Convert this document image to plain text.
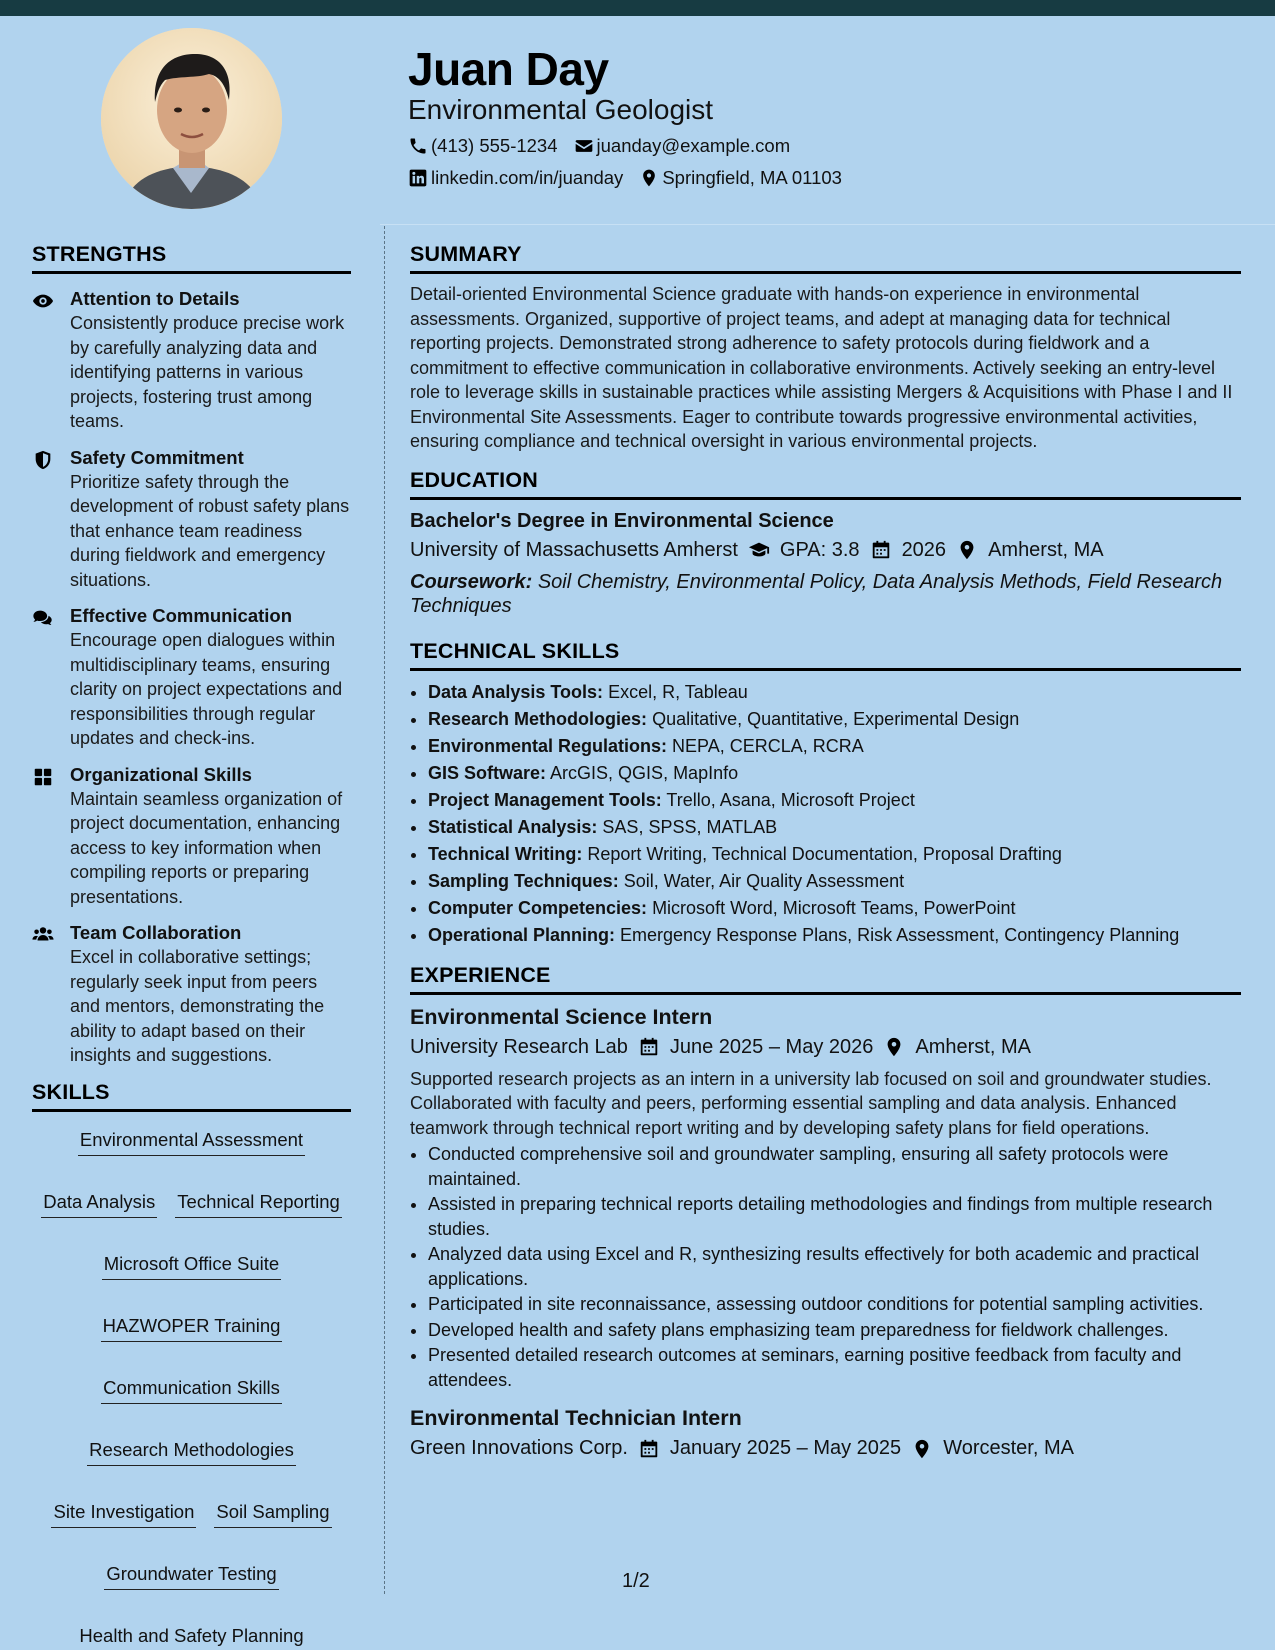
Juan Day
Environmental Geologist
(413) 555-1234 juanday@example.com
linkedin.com/in/juanday Springfield, MA 01103
STRENGTHS
Attention to Details
Consistently produce precise work by carefully analyzing data and identifying patterns in various projects, fostering trust among teams.
Safety Commitment
Prioritize safety through the development of robust safety plans that enhance team readiness during fieldwork and emergency situations.
Effective Communication
Encourage open dialogues within multidisciplinary teams, ensuring clarity on project expectations and responsibilities through regular updates and check-ins.
Organizational Skills
Maintain seamless organization of project documentation, enhancing access to key information when compiling reports or preparing presentations.
Team Collaboration
Excel in collaborative settings; regularly seek input from peers and mentors, demonstrating the ability to adapt based on their insights and suggestions.
SKILLS
Environmental Assessment
Data Analysis Technical Reporting
Microsoft Office Suite
HAZWOPER Training
Communication Skills
Research Methodologies
Site Investigation Soil Sampling
Groundwater Testing
Health and Safety Planning
SUMMARY
Detail-oriented Environmental Science graduate with hands-on experience in environmental assessments. Organized, supportive of project teams, and adept at managing data for technical reporting projects. Demonstrated strong adherence to safety protocols during fieldwork and a commitment to effective communication in collaborative environments. Actively seeking an entry-level role to leverage skills in sustainable practices while assisting Mergers & Acquisitions with Phase I and II Environmental Site Assessments. Eager to contribute towards progressive environmental activities, ensuring compliance and technical oversight in various environmental projects.
EDUCATION
Bachelor's Degree in Environmental Science
University of Massachusetts Amherst GPA: 3.8 2026 Amherst, MA
Coursework: Soil Chemistry, Environmental Policy, Data Analysis Methods, Field Research Techniques
TECHNICAL SKILLS
• Data Analysis Tools: Excel, R, Tableau
• Research Methodologies: Qualitative, Quantitative, Experimental Design
• Environmental Regulations: NEPA, CERCLA, RCRA
• GIS Software: ArcGIS, QGIS, MapInfo
• Project Management Tools: Trello, Asana, Microsoft Project
• Statistical Analysis: SAS, SPSS, MATLAB
• Technical Writing: Report Writing, Technical Documentation, Proposal Drafting
• Sampling Techniques: Soil, Water, Air Quality Assessment
• Computer Competencies: Microsoft Word, Microsoft Teams, PowerPoint
• Operational Planning: Emergency Response Plans, Risk Assessment, Contingency Planning
EXPERIENCE
Environmental Science Intern
University Research Lab June 2025 – May 2026 Amherst, MA
Supported research projects as an intern in a university lab focused on soil and groundwater studies. Collaborated with faculty and peers, performing essential sampling and data analysis. Enhanced teamwork through technical report writing and by developing safety plans for field operations.
• Conducted comprehensive soil and groundwater sampling, ensuring all safety protocols were maintained.
• Assisted in preparing technical reports detailing methodologies and findings from multiple research studies.
• Analyzed data using Excel and R, synthesizing results effectively for both academic and practical applications.
• Participated in site reconnaissance, assessing outdoor conditions for potential sampling activities.
• Developed health and safety plans emphasizing team preparedness for fieldwork challenges.
• Presented detailed research outcomes at seminars, earning positive feedback from faculty and attendees.
Environmental Technician Intern
Green Innovations Corp. January 2025 – May 2025 Worcester, MA
1/2
